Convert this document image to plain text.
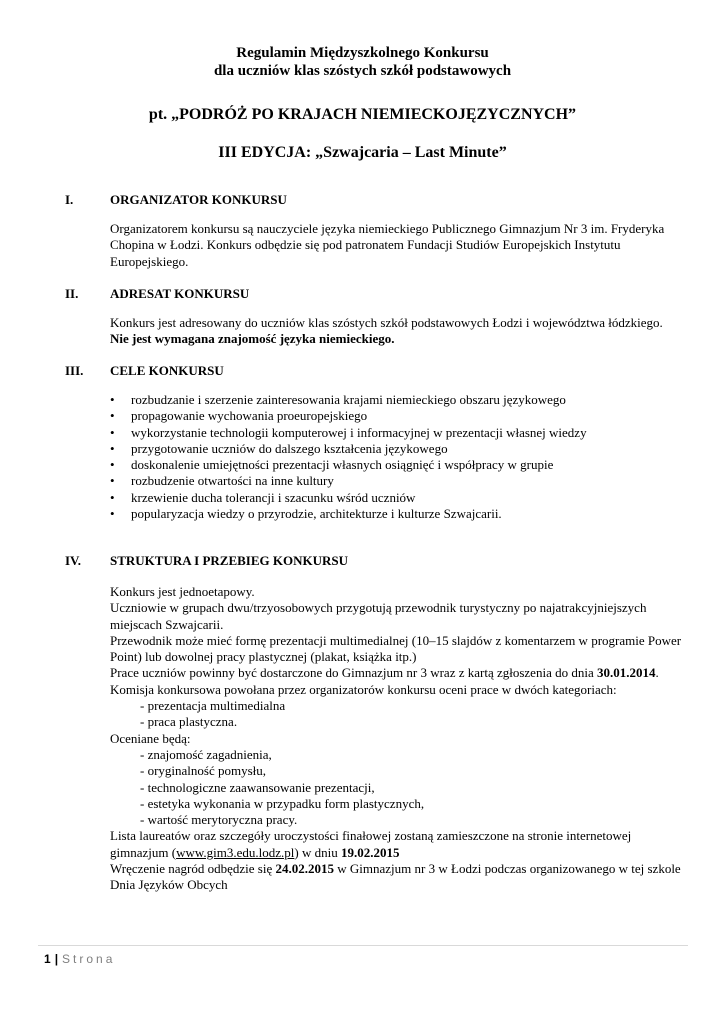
Regulamin Międzyszkolnego Konkursu
dla uczniów klas szóstych szkół podstawowych
pt. „PODRÓŻ PO KRAJACH NIEMIECKOJĘZYCZNYCH”
III EDYCJA: „Szwajcaria – Last Minute”
I.	ORGANIZATOR KONKURSU
Organizatorem konkursu są nauczyciele języka niemieckiego Publicznego Gimnazjum Nr 3 im. Fryderyka Chopina w Łodzi. Konkurs odbędzie się pod patronatem Fundacji Studiów Europejskich Instytutu Europejskiego.
II. ADRESAT KONKURSU
Konkurs jest adresowany do uczniów klas szóstych szkół podstawowych Łodzi i województwa łódzkiego.
Nie jest wymagana znajomość języka niemieckiego.
III. CELE KONKURSU
• rozbudzanie i szerzenie zainteresowania krajami niemieckiego obszaru językowego
• propagowanie wychowania proeuropejskiego
• wykorzystanie technologii komputerowej i informacyjnej w prezentacji własnej wiedzy
• przygotowanie uczniów do dalszego kształcenia językowego
• doskonalenie umiejętności prezentacji własnych osiągnięć i współpracy w grupie
• rozbudzenie otwartości na inne kultury
• krzewienie ducha tolerancji i szacunku wśród uczniów
• popularyzacja wiedzy o przyrodzie, architekturze i kulturze Szwajcarii.
IV. STRUKTURA I PRZEBIEG KONKURSU
Konkurs jest jednoetapowy.
Uczniowie w grupach dwu/trzyosobowych przygotują przewodnik turystyczny po najatrakcyjniejszych miejscach Szwajcarii.
Przewodnik może mieć formę prezentacji multimedialnej (10–15 slajdów z komentarzem w programie Power Point) lub dowolnej pracy plastycznej (plakat, książka itp.)
Prace uczniów powinny być dostarczone do Gimnazjum nr 3 wraz z kartą zgłoszenia do dnia 30.01.2014.
Komisja konkursowa powołana przez organizatorów konkursu oceni prace w dwóch kategoriach:
- prezentacja multimedialna
- praca plastyczna.
Oceniane będą:
- znajomość zagadnienia,
- oryginalność pomysłu,
- technologiczne zaawansowanie prezentacji,
- estetyka wykonania w przypadku form plastycznych,
- wartość merytoryczna pracy.
Lista laureatów oraz szczegóły uroczystości finałowej zostaną zamieszczone na stronie internetowej gimnazjum (www.gim3.edu.lodz.pl) w dniu 19.02.2015
Wręczenie nagród odbędzie się 24.02.2015 w Gimnazjum nr 3 w Łodzi podczas organizowanego w tej szkole Dnia Języków Obcych
1 | Strona
